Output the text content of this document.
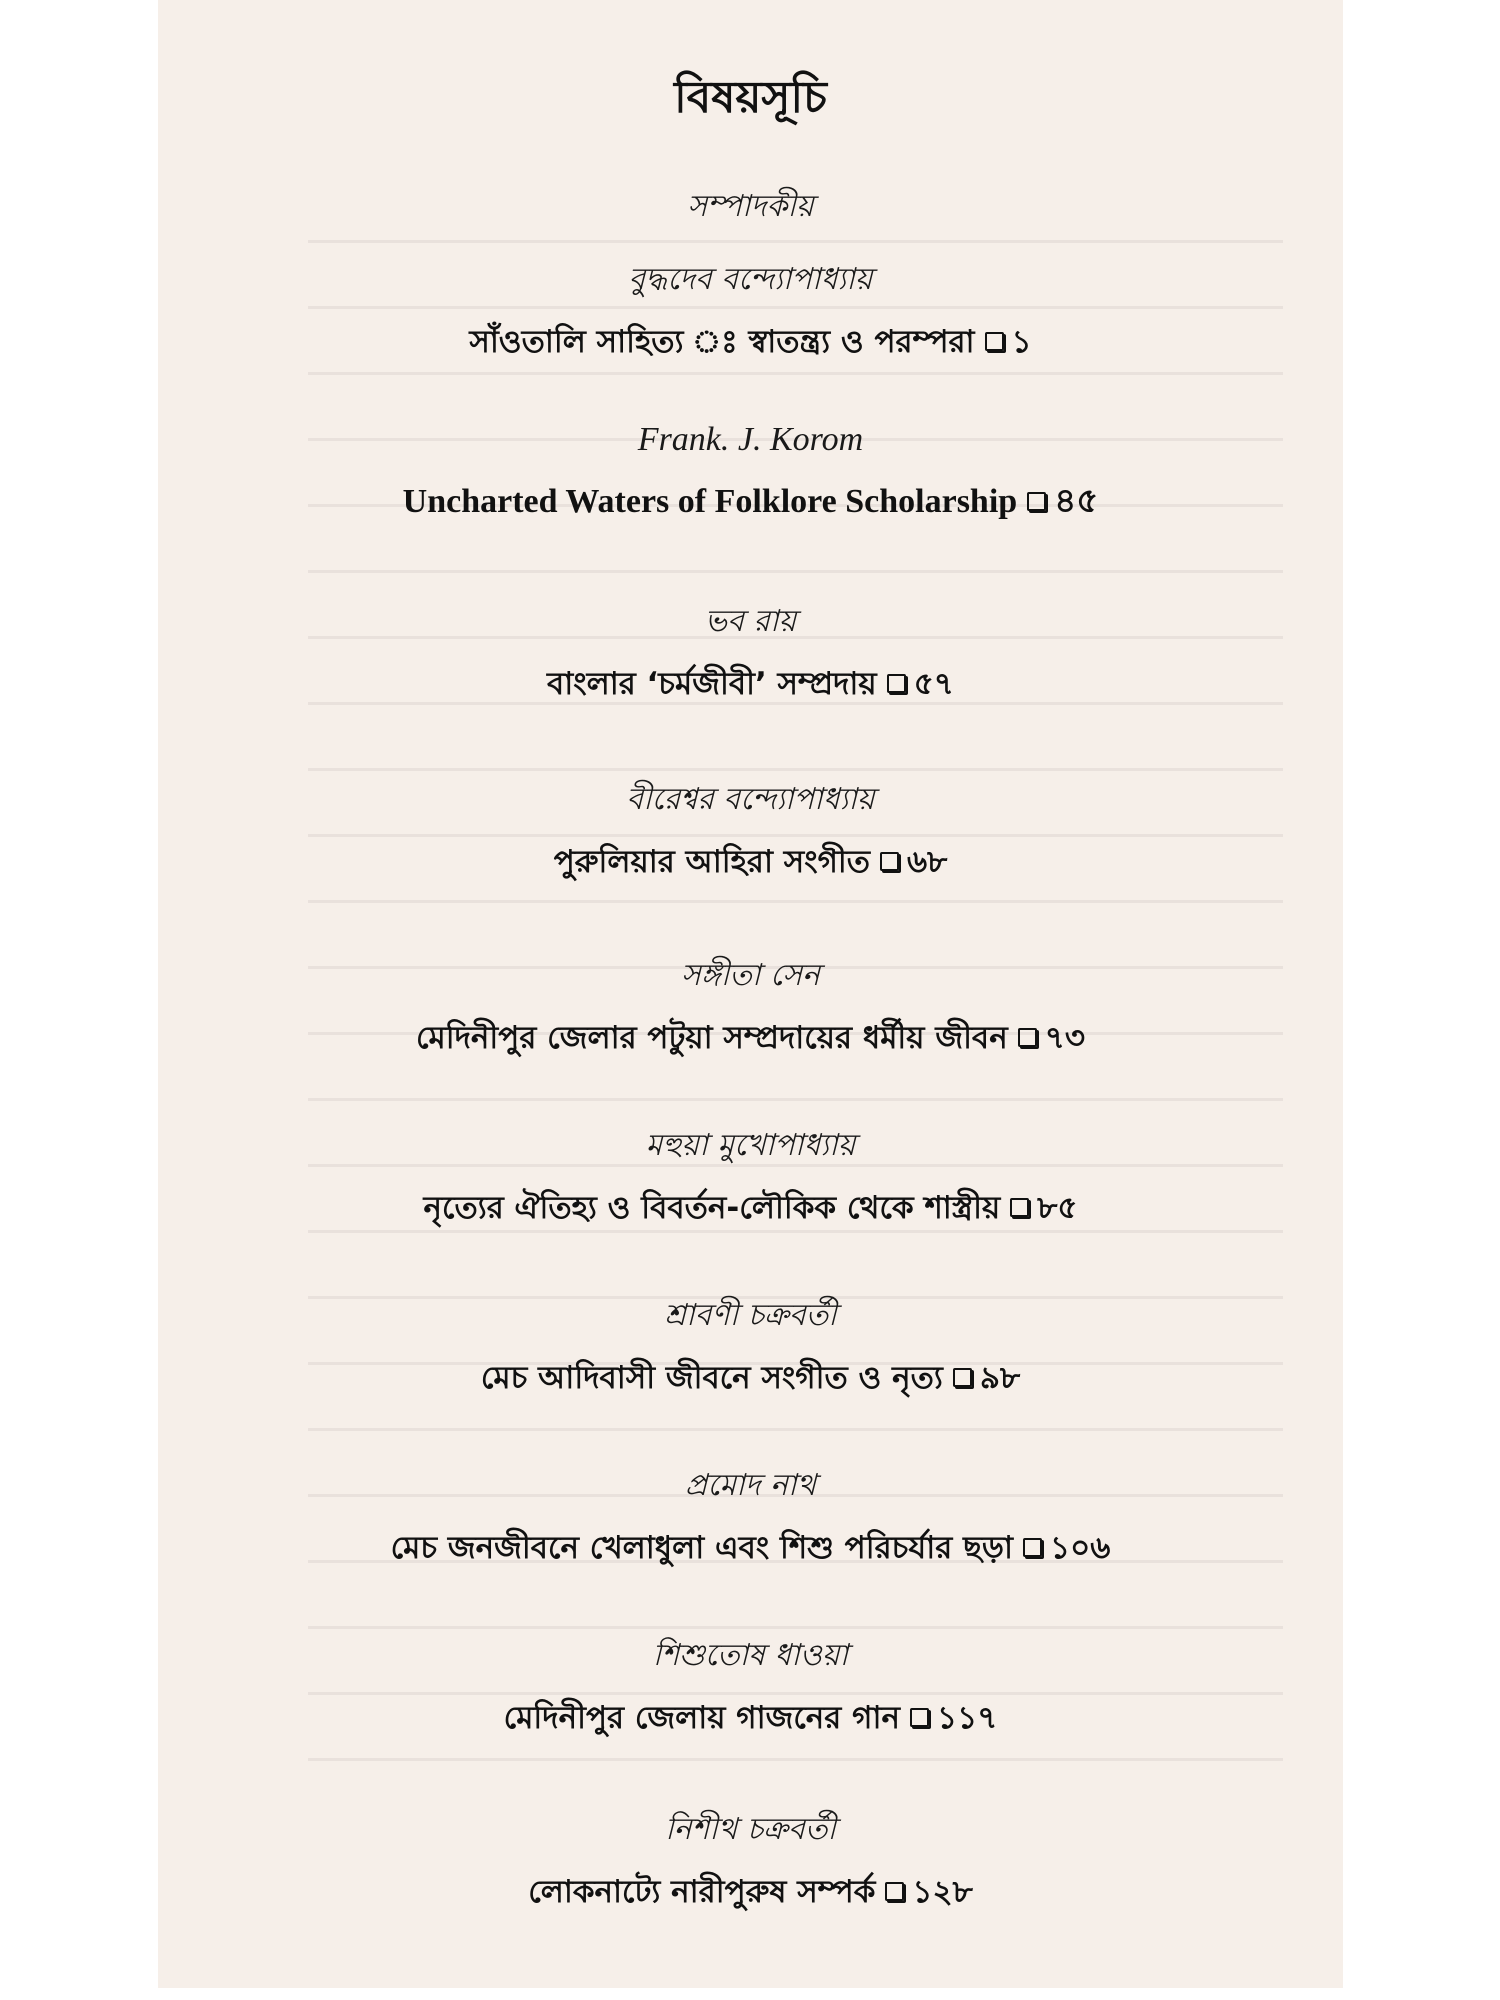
বিষয়সূচি
সম্পাদকীয়
বুদ্ধদেব বন্দ্যোপাধ্যায়
সাঁওতালি সাহিত্য ঃ স্বাতন্ত্র্য ও পরম্পরা ১
Frank. J. Korom
Uncharted Waters of Folklore Scholarship ৪৫
ভব রায়
বাংলার ‘চর্মজীবী’ সম্প্রদায় ৫৭
বীরেশ্বর বন্দ্যোপাধ্যায়
পুরুলিয়ার আহিরা সংগীত ৬৮
সঙ্গীতা সেন
মেদিনীপুর জেলার পটুয়া সম্প্রদায়ের ধর্মীয় জীবন ৭৩
মহুয়া মুখোপাধ্যায়
নৃত্যের ঐতিহ্য ও বিবর্তন-লৌকিক থেকে শাস্ত্রীয় ৮৫
শ্রাবণী চক্রবর্তী
মেচ আদিবাসী জীবনে সংগীত ও নৃত্য ৯৮
প্রমোদ নাথ
মেচ জনজীবনে খেলাধুলা এবং শিশু পরিচর্যার ছড়া ১০৬
শিশুতোষ ধাওয়া
মেদিনীপুর জেলায় গাজনের গান ১১৭
নিশীথ চক্রবর্তী
লোকনাট্যে নারীপুরুষ সম্পর্ক ১২৮
